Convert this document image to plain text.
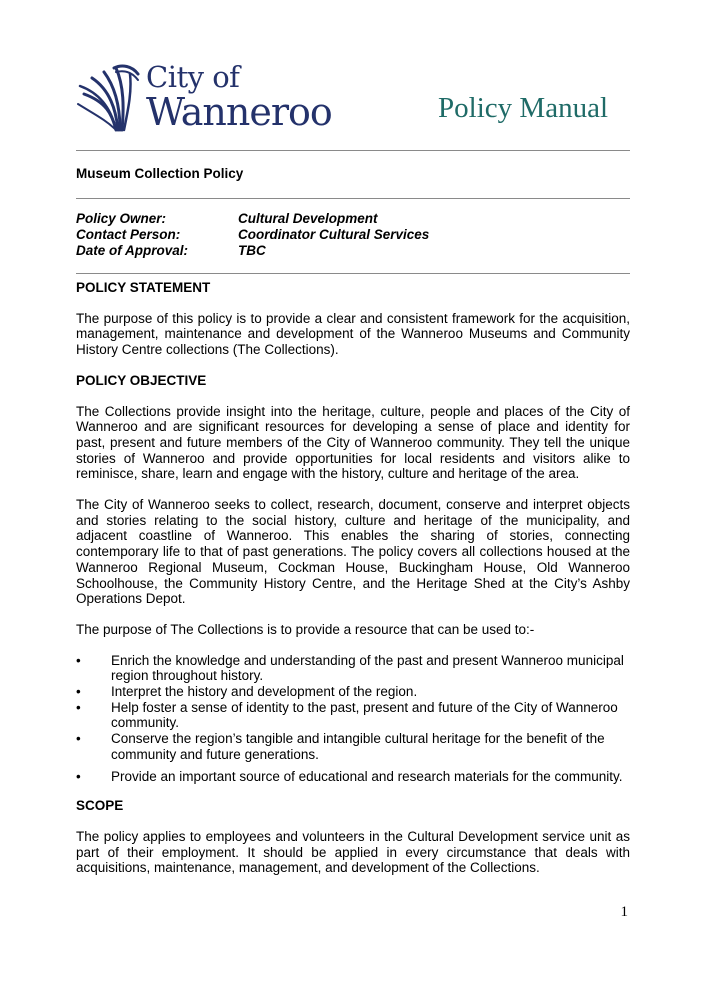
City of
Wanneroo	Policy Manual
Museum Collection Policy
Policy Owner:	Cultural Development
Contact Person:	Coordinator Cultural Services
Date of Approval:	TBC
POLICY STATEMENT

The purpose of this policy is to provide a clear and consistent framework for the acquisition, management, maintenance and development of the Wanneroo Museums and Community History Centre collections (The Collections).

POLICY OBJECTIVE

The Collections provide insight into the heritage, culture, people and places of the City of Wanneroo and are significant resources for developing a sense of place and identity for past, present and future members of the City of Wanneroo community. They tell the unique stories of Wanneroo and provide opportunities for local residents and visitors alike to reminisce, share, learn and engage with the history, culture and heritage of the area.

The City of Wanneroo seeks to collect, research, document, conserve and interpret objects and stories relating to the social history, culture and heritage of the municipality, and adjacent coastline of Wanneroo. This enables the sharing of stories, connecting contemporary life to that of past generations. The policy covers all collections housed at the Wanneroo Regional Museum, Cockman House, Buckingham House, Old Wanneroo Schoolhouse, the Community History Centre, and the Heritage Shed at the City’s Ashby Operations Depot.

The purpose of The Collections is to provide a resource that can be used to:-

• Enrich the knowledge and understanding of the past and present Wanneroo municipal region throughout history.
• Interpret the history and development of the region.
• Help foster a sense of identity to the past, present and future of the City of Wanneroo community.
• Conserve the region’s tangible and intangible cultural heritage for the benefit of the community and future generations.
• Provide an important source of educational and research materials for the community.
SCOPE

The policy applies to employees and volunteers in the Cultural Development service unit as part of their employment. It should be applied in every circumstance that deals with acquisitions, maintenance, management, and development of the Collections.

1
